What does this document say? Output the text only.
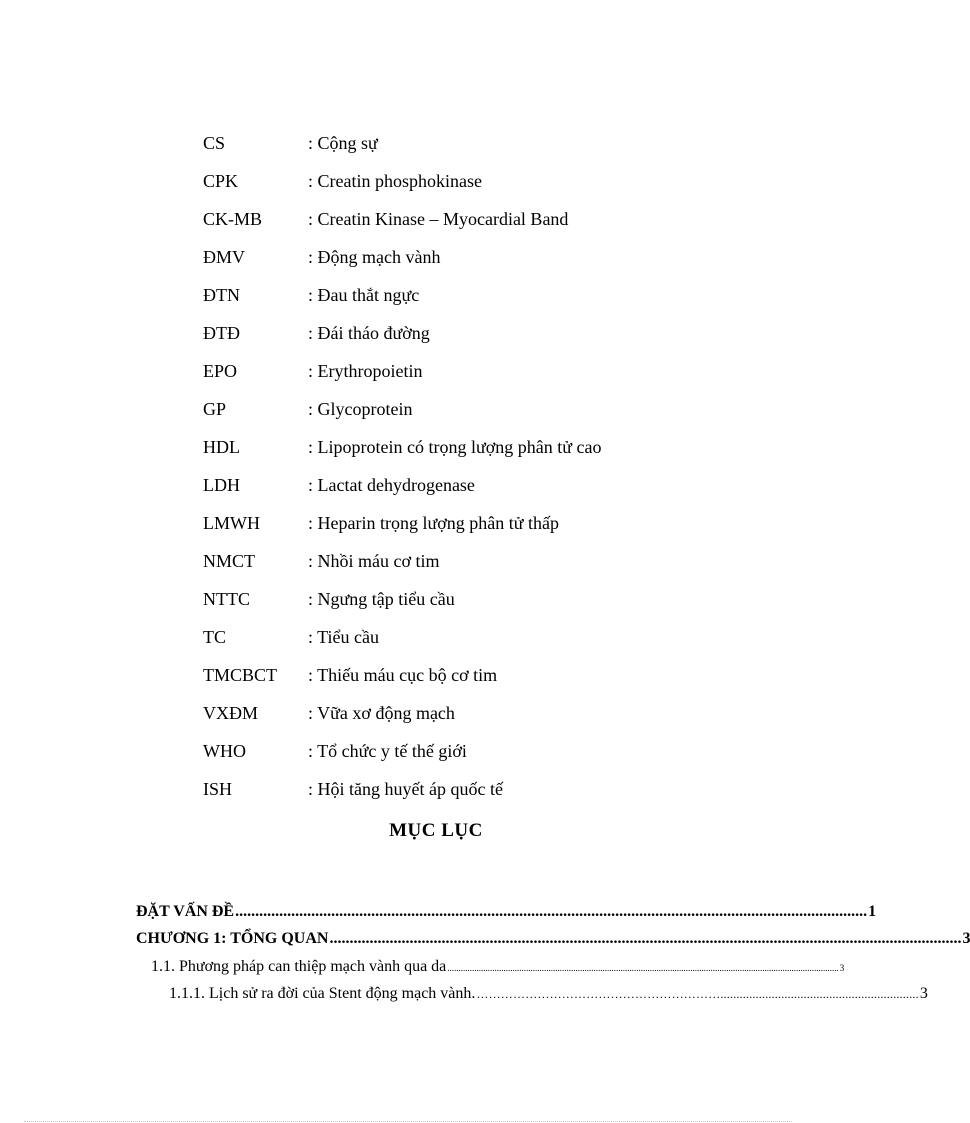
CS	: Cộng sự
CPK	: Creatin phosphokinase
CK-MB	: Creatin Kinase – Myocardial Band
ĐMV	: Động mạch vành
ĐTN	: Đau thắt ngực
ĐTĐ	: Đái tháo đường
EPO	: Erythropoietin
GP	: Glycoprotein
HDL	: Lipoprotein có trọng lượng phân tử cao
LDH	: Lactat dehydrogenase
LMWH	: Heparin trọng lượng phân tử thấp
NMCT	: Nhồi máu cơ tim
NTTC	: Ngưng tập tiểu cầu
TC	: Tiểu cầu
TMCBCT : Thiếu máu cục bộ cơ tim
VXĐM	: Vữa xơ động mạch
WHO	: Tổ chức y tế thế giới
ISH	: Hội tăng huyết áp quốc tế
MỤC LỤC
ĐẶT VẤN ĐỀ .............................................................................................................................................................. 1
CHƯƠNG 1: TỔNG QUAN .............................................................................................................................................................. 3
1.1. Phương pháp can thiệp mạch vành qua da .............................................................................................................................................................................. 3
1.1.1. Lịch sử ra đời của Stent động mạch vành. …………………………………………………….............................................................. 3
